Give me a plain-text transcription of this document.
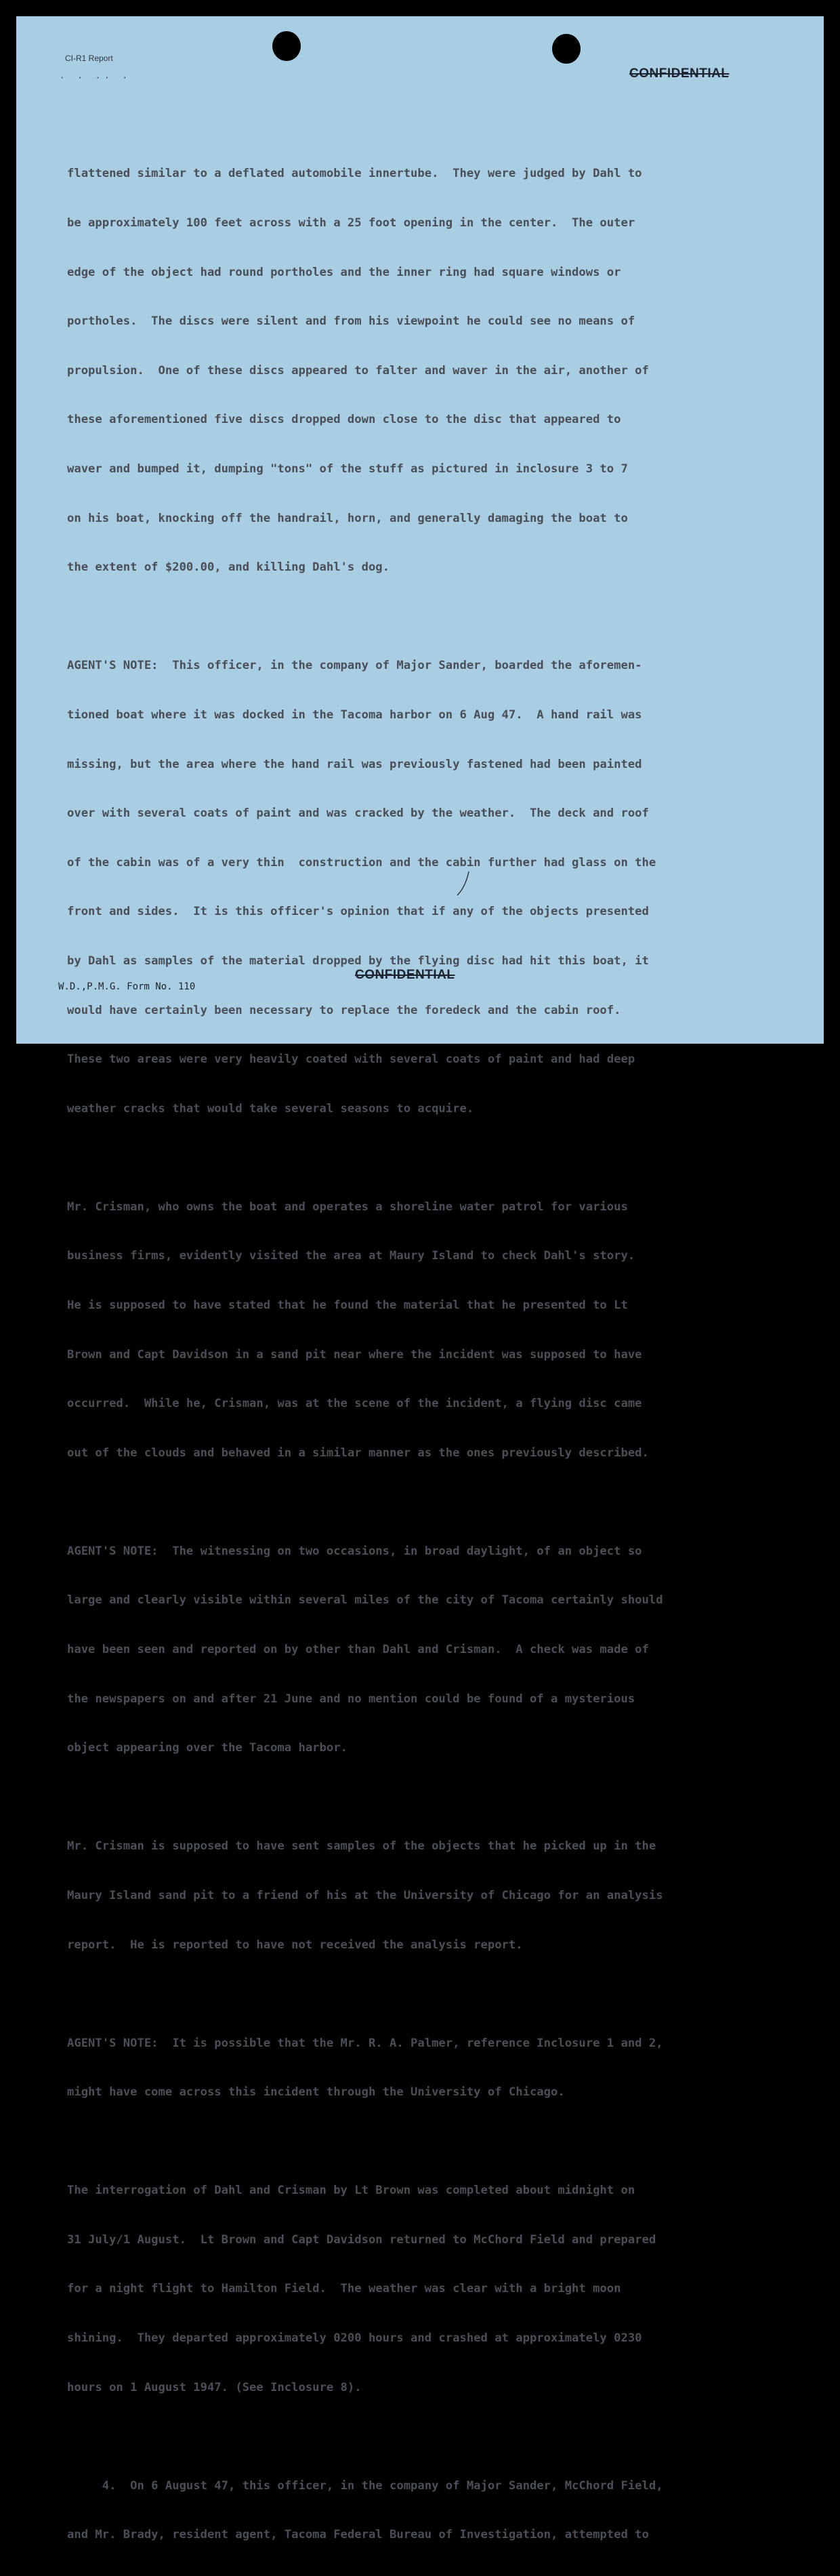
CI-R1 Report
· · ·· ·	CONFIDENTIAL

flattened similar to a deflated automobile innertube.  They were judged by Dahl to

be approximately 100 feet across with a 25 foot opening in the center.  The outer

edge of the object had round portholes and the inner ring had square windows or

portholes.  The discs were silent and from his viewpoint he could see no means of

propulsion.  One of these discs appeared to falter and waver in the air, another of

these aforementioned five discs dropped down close to the disc that appeared to

waver and bumped it, dumping "tons" of the stuff as pictured in inclosure 3 to 7

on his boat, knocking off the handrail, horn, and generally damaging the boat to

the extent of $200.00, and killing Dahl's dog.

AGENT'S NOTE:  This officer, in the company of Major Sander, boarded the aforemen-

tioned boat where it was docked in the Tacoma harbor on 6 Aug 47.  A hand rail was

missing, but the area where the hand rail was previously fastened had been painted

over with several coats of paint and was cracked by the weather.  The deck and roof

of the cabin was of a very thin  construction and the cabin further had glass on the

front and sides.  It is this officer's opinion that if any of the objects presented

by Dahl as samples of the material dropped by the flying disc had hit this boat, it

would have certainly been necessary to replace the foredeck and the cabin roof.

These two areas were very heavily coated with several coats of paint and had deep

weather cracks that would take several seasons to acquire.

Mr. Crisman, who owns the boat and operates a shoreline water patrol for various

business firms, evidently visited the area at Maury Island to check Dahl's story.

He is supposed to have stated that he found the material that he presented to Lt

Brown and Capt Davidson in a sand pit near where the incident was supposed to have

occurred.  While he, Crisman, was at the scene of the incident, a flying disc came

out of the clouds and behaved in a similar manner as the ones previously described.

AGENT'S NOTE:  The witnessing on two occasions, in broad daylight, of an object so

large and clearly visible within several miles of the city of Tacoma certainly should

have been seen and reported on by other than Dahl and Crisman.  A check was made of

the newspapers on and after 21 June and no mention could be found of a mysterious

object appearing over the Tacoma harbor.

Mr. Crisman is supposed to have sent samples of the objects that he picked up in the

Maury Island sand pit to a friend of his at the University of Chicago for an analysis

report.  He is reported to have not received the analysis report.

AGENT'S NOTE:  It is possible that the Mr. R. A. Palmer, reference Inclosure 1 and 2,

might have come across this incident through the University of Chicago.

The interrogation of Dahl and Crisman by Lt Brown was completed about midnight on

31 July/1 August.  Lt Brown and Capt Davidson returned to McChord Field and prepared

for a night flight to Hamilton Field.  The weather was clear with a bright moon

shining.  They departed approximately 0200 hours and crashed at approximately 0230

hours on 1 August 1947. (See Inclosure 8).

4.  On 6 August 47, this officer, in the company of Major Sander, McChord Field,

and Mr. Brady, resident agent, Tacoma Federal Bureau of Investigation, attempted to

CONFIDENTIAL
W.D.,P.M.G. Form No. 110
